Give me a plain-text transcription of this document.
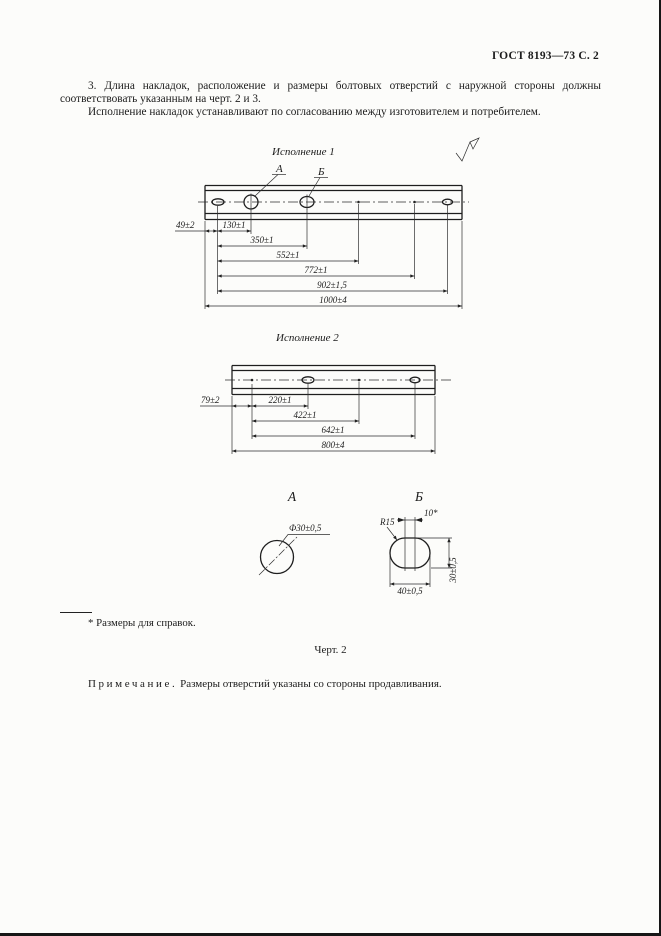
Исполнение 1
А	Б
49±2	130±1
350±1
552±1
772±1
902±1,5
1000±4
Исполнение 2
79±2	220±1
422±1
642±1
800±4
А
Ф30±0,5
Б
10*
R15
40±0,5
30±0,5
ГОСТ 8193—73 С. 2

3. Длина накладок, расположение и размеры болтовых отверстий с наружной стороны должны соответствовать указанным на черт. 2 и 3.

Исполнение накладок устанавливают по согласованию между изготовителем и потребителем.

* Размеры для справок.
Черт. 2

Примечание. Размеры отверстий указаны со стороны продавливания.
